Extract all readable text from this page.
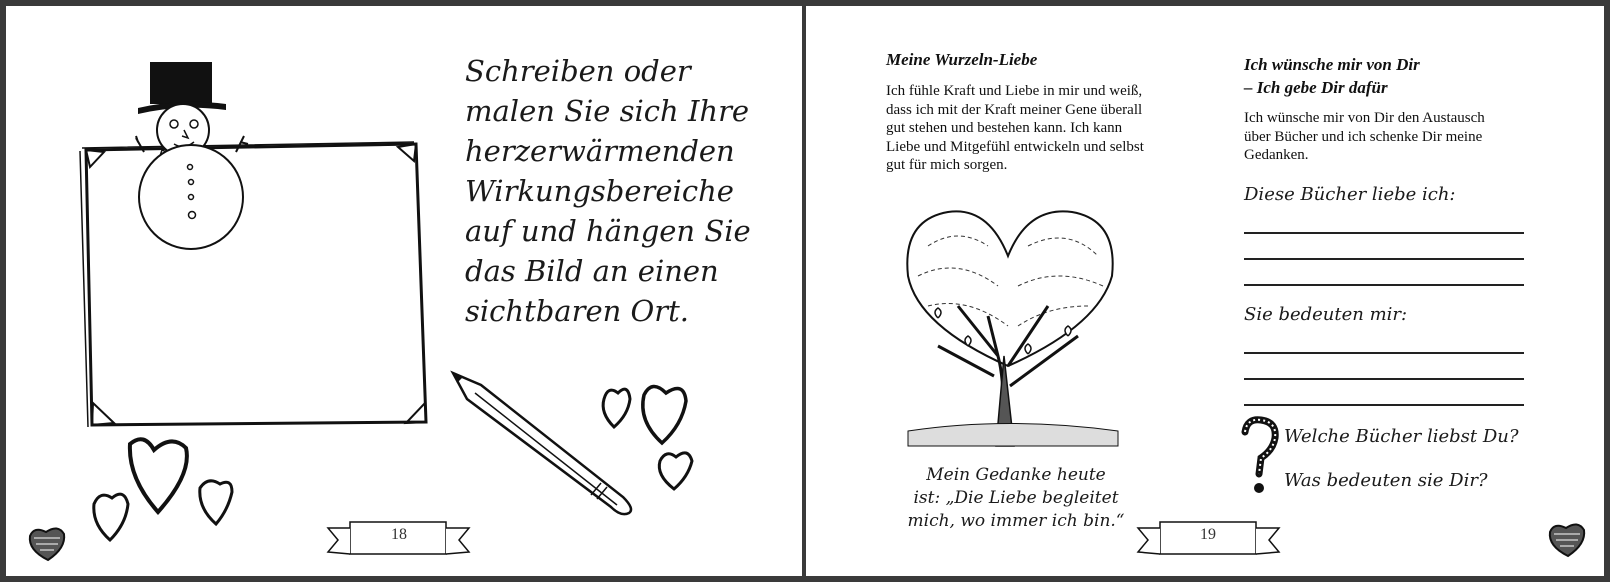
Schreiben oder
malen Sie sich Ihre
herzerwärmenden
Wirkungsbereiche
auf und hängen Sie
das Bild an einen
sichtbaren Ort.
18
Meine Wurzeln-Liebe
Ich fühle Kraft und Liebe in mir und weiß,
dass ich mit der Kraft meiner Gene überall
gut stehen und bestehen kann. Ich kann
Liebe und Mitgefühl entwickeln und selbst
gut für mich sorgen.
Mein Gedanke heute
ist: „Die Liebe begleitet
mich, wo immer ich bin.“
Ich wünsche mir von Dir
– Ich gebe Dir dafür
Ich wünsche mir von Dir den Austausch
über Bücher und ich schenke Dir meine
Gedanken.
Diese Bücher liebe ich:
Sie bedeuten mir:
Welche Bücher liebst Du?
Was bedeuten sie Dir?
19
